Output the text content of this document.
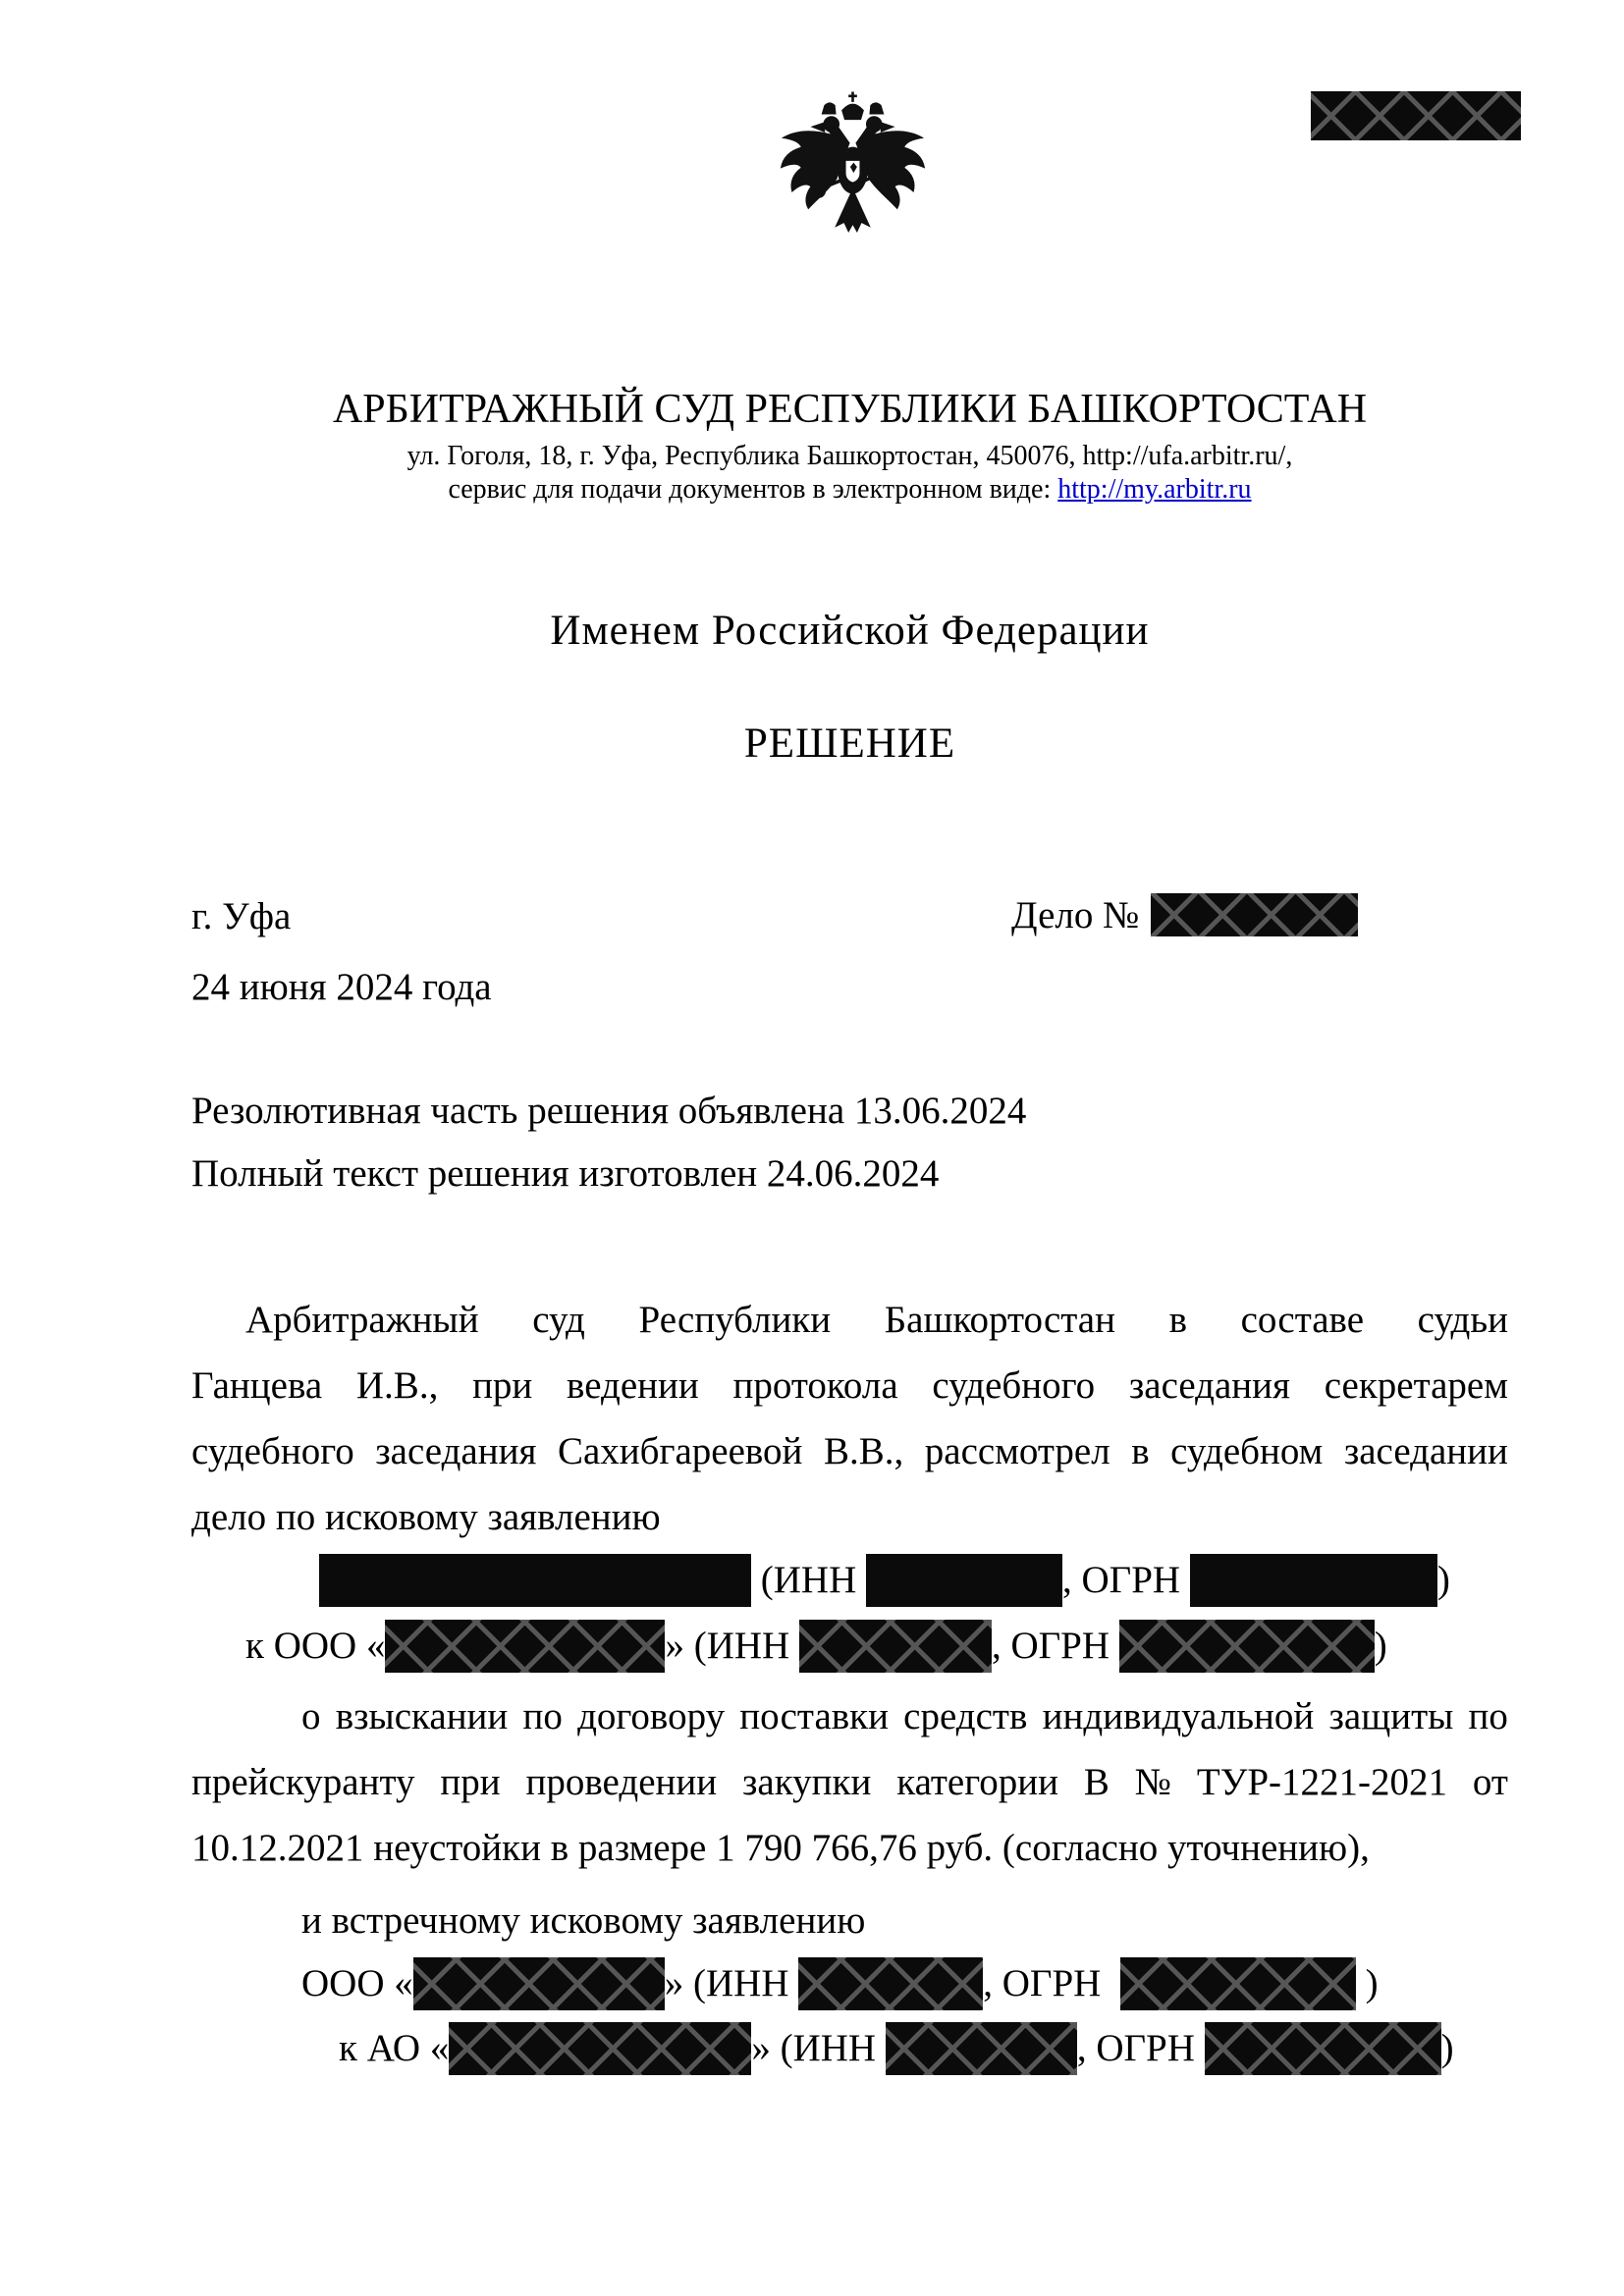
АРБИТРАЖНЫЙ СУД РЕСПУБЛИКИ БАШКОРТОСТАН
ул. Гоголя, 18, г. Уфа, Республика Башкортостан, 450076, http://ufa.arbitr.ru/,
сервис для подачи документов в электронном виде: http://my.arbitr.ru
Именем Российской Федерации
РЕШЕНИЕ
г. Уфа	Дело №
24 июня 2024 года
Резолютивная часть решения объявлена 13.06.2024
Полный текст решения изготовлен 24.06.2024
Арбитражный суд Республики Башкортостан в составе судьи
Ганцева И.В., при ведении протокола судебного заседания секретарем
судебного заседания Сахибгареевой В.В., рассмотрел в судебном заседании
дело по исковому заявлению
(ИНН	, ОГРН	)
к ООО «	» (ИНН	, ОГРН	)
о взыскании по договору поставки средств индивидуальной защиты по
прейскуранту при проведении закупки категории В № ТУР-1221-2021 от
10.12.2021 неустойки в размере 1 790 766,76 руб. (согласно уточнению),
и встречному исковому заявлению
ООО «	» (ИНН	, ОГРН	)
к АО «	» (ИНН	, ОГРН	)
